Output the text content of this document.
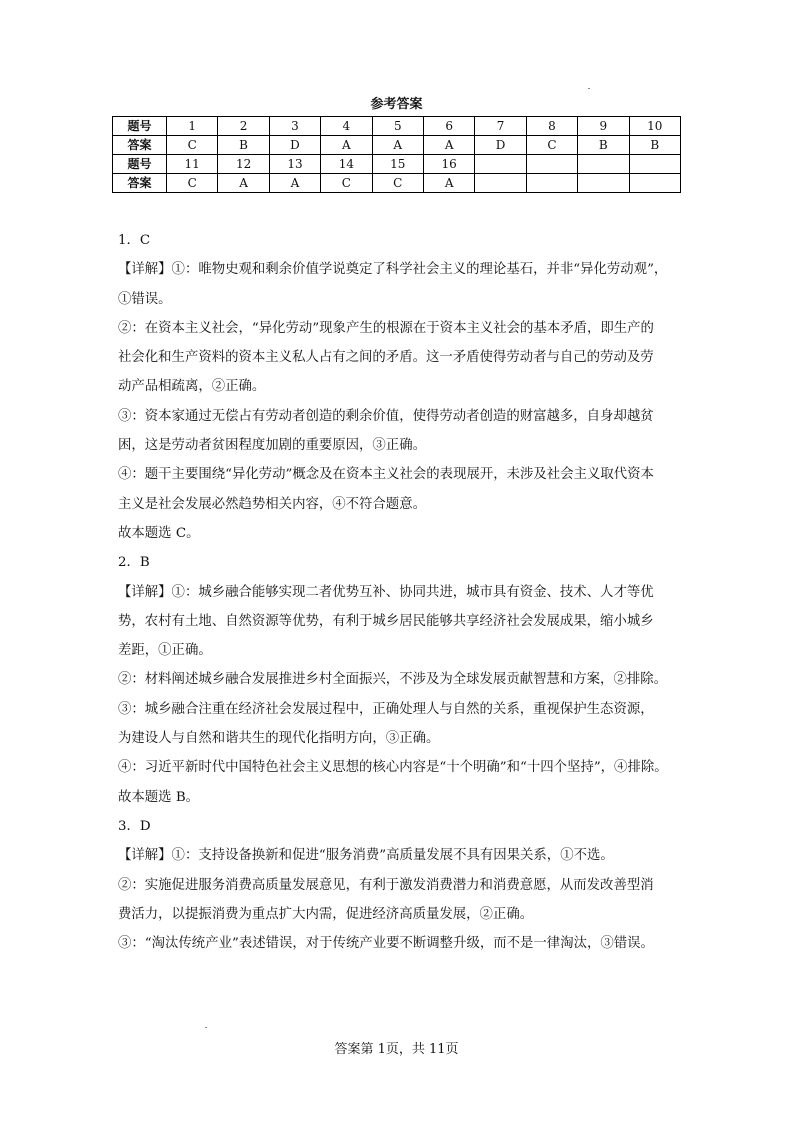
参考答案
题号	1	2	3	4	5	6	7	8	9	10
答案	C	B	D	A	A	A	D	C	B	B
题号	11	12	13	14	15	16				
答案	C	A	A	C	C	A				

1．C

【详解】①：唯物史观和剩余价值学说奠定了科学社会主义的理论基石，并非“异化劳动观”，

①错误。

②：在资本主义社会，“异化劳动”现象产生的根源在于资本主义社会的基本矛盾，即生产的

社会化和生产资料的资本主义私人占有之间的矛盾。这一矛盾使得劳动者与自己的劳动及劳

动产品相疏离，②正确。

③：资本家通过无偿占有劳动者创造的剩余价值，使得劳动者创造的财富越多，自身却越贫

困，这是劳动者贫困程度加剧的重要原因，③正确。

④：题干主要围绕“异化劳动”概念及在资本主义社会的表现展开，未涉及社会主义取代资本

主义是社会发展必然趋势相关内容，④不符合题意。

故本题选 C。

2．B

【详解】①：城乡融合能够实现二者优势互补、协同共进，城市具有资金、技术、人才等优

势，农村有土地、自然资源等优势，有利于城乡居民能够共享经济社会发展成果，缩小城乡

差距，①正确。

②：材料阐述城乡融合发展推进乡村全面振兴，不涉及为全球发展贡献智慧和方案，②排除。

③：城乡融合注重在经济社会发展过程中，正确处理人与自然的关系，重视保护生态资源，

为建设人与自然和谐共生的现代化指明方向，③正确。

④：习近平新时代中国特色社会主义思想的核心内容是“十个明确”和“十四个坚持”，④排除。

故本题选 B。

3．D

【详解】①：支持设备换新和促进“服务消费”高质量发展不具有因果关系，①不选。

②：实施促进服务消费高质量发展意见，有利于激发消费潜力和消费意愿，从而发改善型消

费活力，以提振消费为重点扩大内需，促进经济高质量发展，②正确。

③：“淘汰传统产业”表述错误，对于传统产业要不断调整升级，而不是一律淘汰，③错误。

答案第 1页，共 11页
